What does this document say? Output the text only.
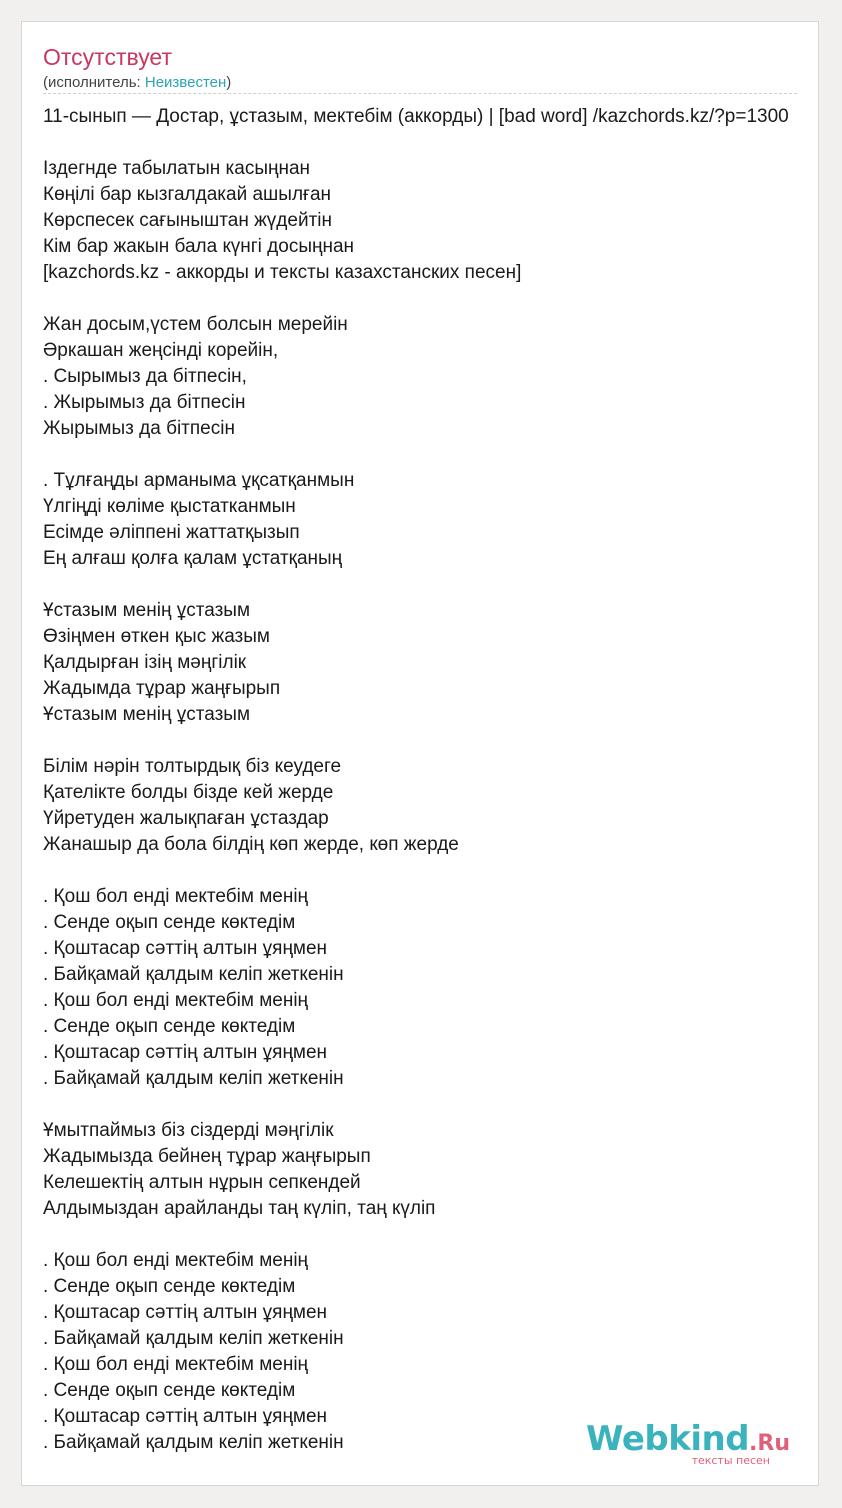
Отсутствует
(исполнитель: Неизвестен)
11-сынып — Достар, ұстазым, мектебім (аккорды) | [bad word] /kazchords.kz/?p=1300
Іздегнде табылатын касыңнан
Көңілі бар кызгалдакай ашылған
Көрспесек сағыныштан жүдейтін
Кім бар жакын бала күнгі досыңнан
[kazchords.kz - аккорды и тексты казахстанских песен]
Жан досым,үстем болсын мерейін
Әркашан жеңсінді корейін,
. Сырымыз да бітпесін,
. Жырымыз да бітпесін
Жырымыз да бітпесін
. Тұлғаңды арманыма ұқсатқанмын
Үлгіңді көліме қыстатканмын
Есімде әліппені жаттатқызып
Ең алғаш қолға қалам ұстатқаның
Ұстазым менің ұстазым
Өзіңмен өткен қыс жазым
Қалдырған ізің мәңгілік
Жадымда тұрар жаңғырып
Ұстазым менің ұстазым
Білім нәрін толтырдық біз кеудеге
Қателікте болды бізде кей жерде
Үйретуден жалықпаған ұстаздар
Жанашыр да бола білдің көп жерде, көп жерде
. Қош бол енді мектебім менің
. Сенде оқып сенде көктедім
. Қоштасар сәттің алтын ұяңмен
. Байқамай қалдым келіп жеткенін
. Қош бол енді мектебім менің
. Сенде оқып сенде көктедім
. Қоштасар сәттің алтын ұяңмен
. Байқамай қалдым келіп жеткенін
Ұмытпаймыз біз сіздерді мәңгілік
Жадымызда бейнең тұрар жаңғырып
Келешектің алтын нұрын сепкендей
Алдымыздан арайланды таң күліп, таң күліп
. Қош бол енді мектебім менің
. Сенде оқып сенде көктедім
. Қоштасар сәттің алтын ұяңмен
. Байқамай қалдым келіп жеткенін
. Қош бол енді мектебім менің
. Сенде оқып сенде көктедім
. Қоштасар сәттің алтын ұяңмен
. Байқамай қалдым келіп жеткенін	Webkind.Ru
тексты песен
